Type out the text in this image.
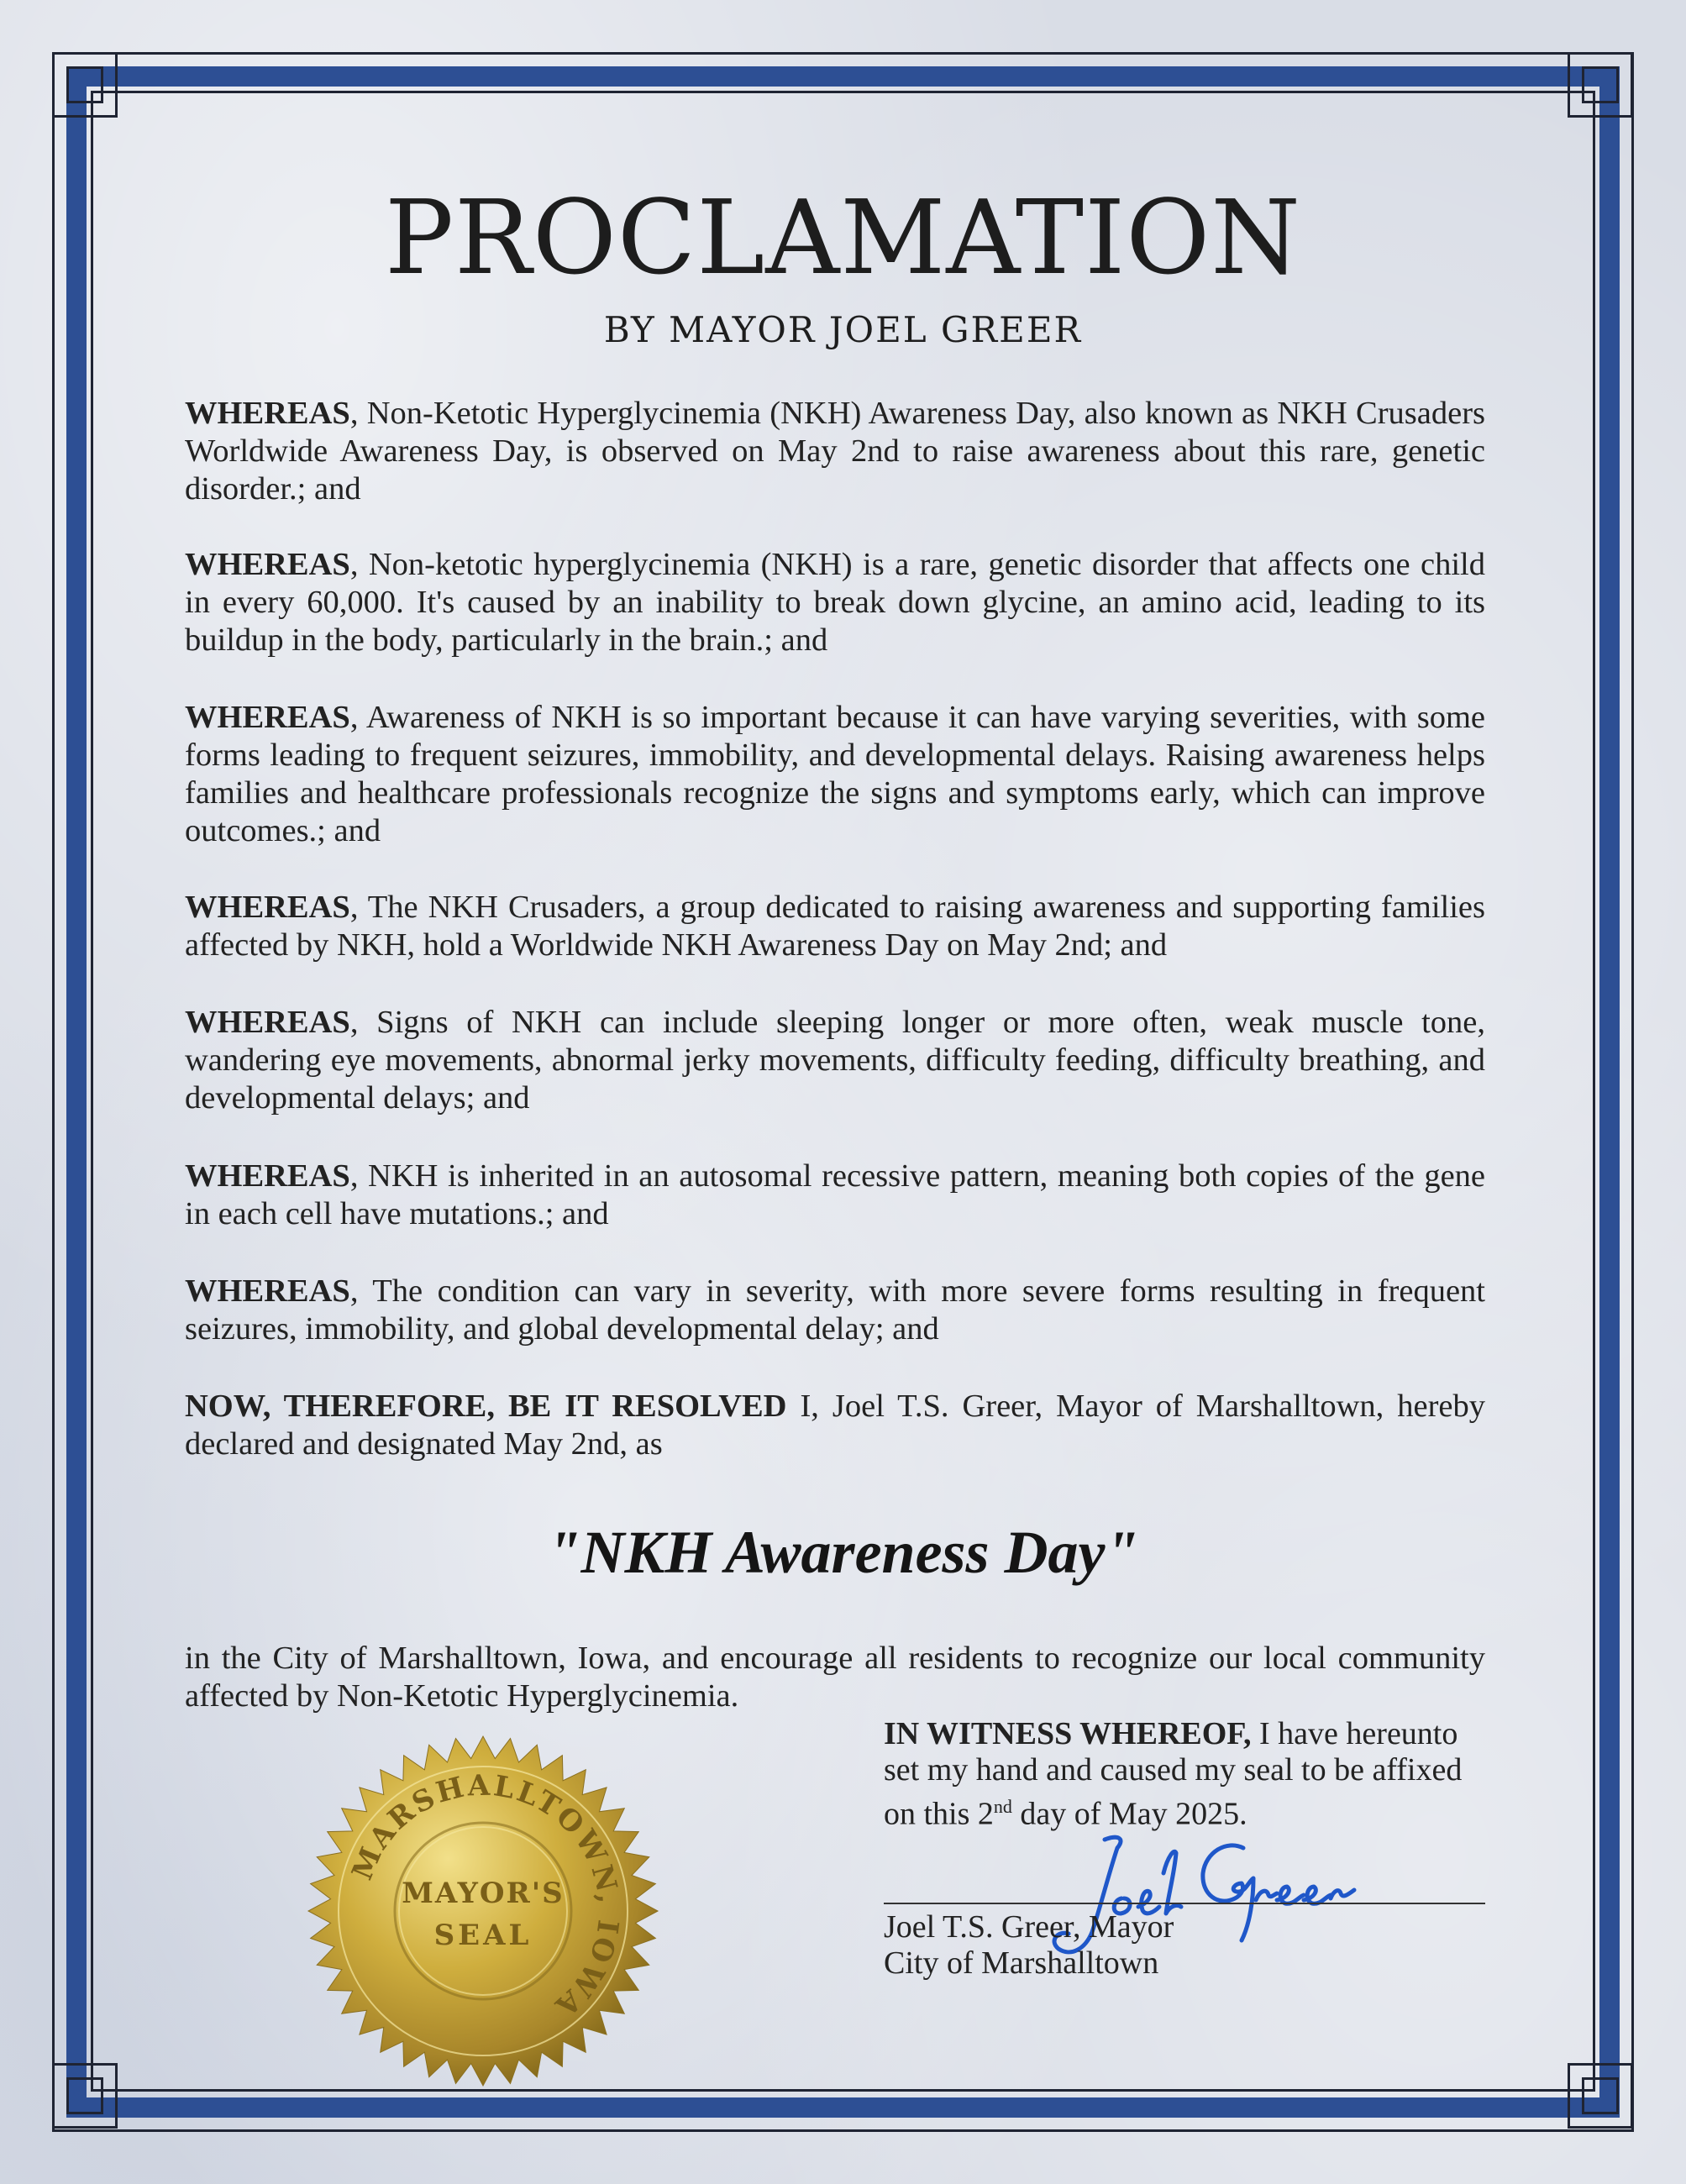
PROCLAMATION
BY MAYOR JOEL GREER
WHEREAS, Non-Ketotic Hyperglycinemia (NKH) Awareness Day, also known as NKH Crusaders Worldwide Awareness Day, is observed on May 2nd to raise awareness about this rare, genetic disorder.; and
WHEREAS, Non-ketotic hyperglycinemia (NKH) is a rare, genetic disorder that affects one child in every 60,000. It's caused by an inability to break down glycine, an amino acid, leading to its buildup in the body, particularly in the brain.; and
WHEREAS, Awareness of NKH is so important because it can have varying severities, with some forms leading to frequent seizures, immobility, and developmental delays. Raising awareness helps families and healthcare professionals recognize the signs and symptoms early, which can improve outcomes.; and
WHEREAS, The NKH Crusaders, a group dedicated to raising awareness and supporting families affected by NKH, hold a Worldwide NKH Awareness Day on May 2nd; and
WHEREAS, Signs of NKH can include sleeping longer or more often, weak muscle tone, wandering eye movements, abnormal jerky movements, difficulty feeding, difficulty breathing, and developmental delays; and
WHEREAS, NKH is inherited in an autosomal recessive pattern, meaning both copies of the gene in each cell have mutations.; and
WHEREAS, The condition can vary in severity, with more severe forms resulting in frequent seizures, immobility, and global developmental delay; and
NOW, THEREFORE, BE IT RESOLVED I, Joel T.S. Greer, Mayor of Marshalltown, hereby declared and designated May 2nd, as
"NKH Awareness Day"
in the City of Marshalltown, Iowa, and encourage all residents to recognize our local community affected by Non-Ketotic Hyperglycinemia.
IN WITNESS WHEREOF, I have hereunto set my hand and caused my seal to be affixed on this 2nd day of May 2025.
Joel T.S. Greer, Mayor
City of Marshalltown
MARSHALLTOWN, IOWA
MAYOR'S
SEAL
